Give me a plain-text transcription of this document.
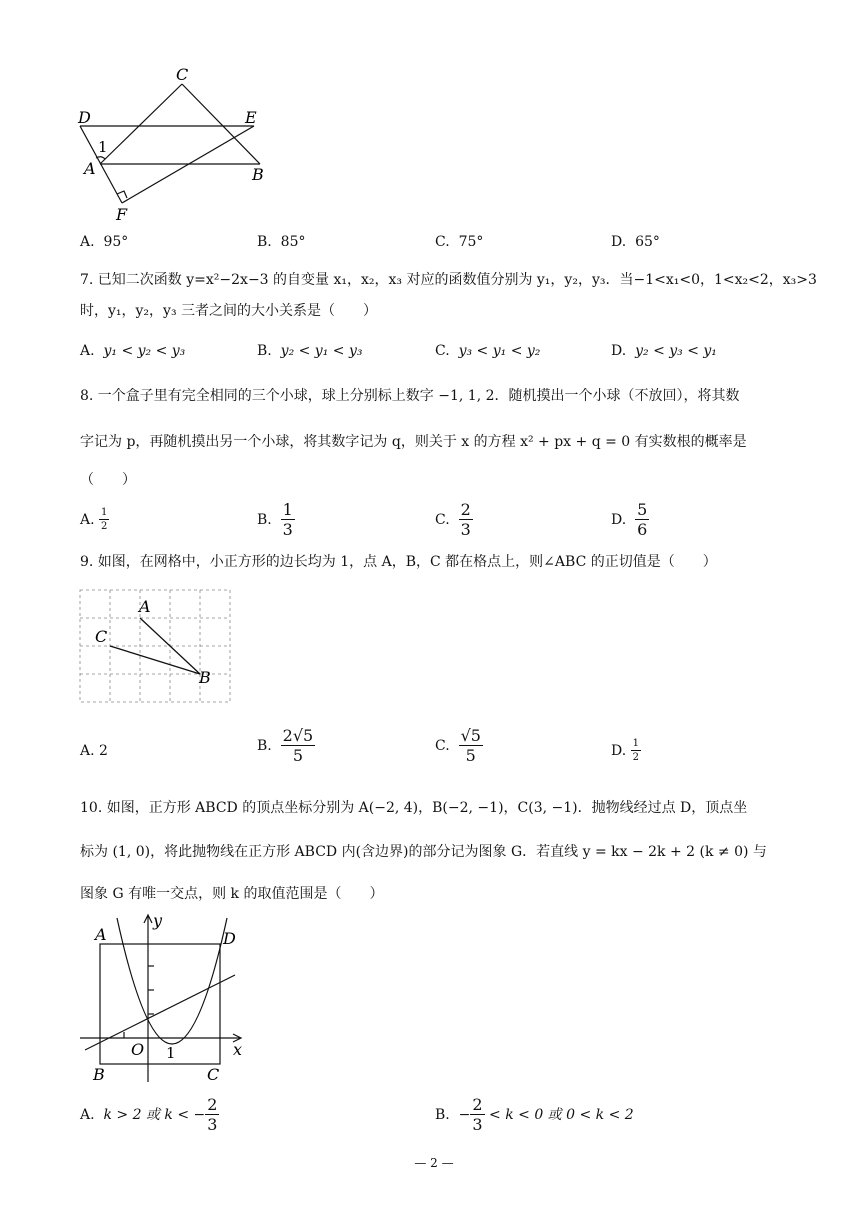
C
D	E
1
A	B
F
A. 95°	B. 85°	C. 75°	D. 65°
7. 已知二次函数 y=x²−2x−3 的自变量 x₁，x₂，x₃ 对应的函数值分别为 y₁，y₂，y₃．当−1<x₁<0，1<x₂<2，x₃>3
时，y₁，y₂，y₃ 三者之间的大小关系是（　　）
A. y₁ < y₂ < y₃	B. y₂ < y₁ < y₃	C. y₃ < y₁ < y₂	D. y₂ < y₃ < y₁
8. 一个盒子里有完全相同的三个小球，球上分别标上数字 −1, 1, 2．随机摸出一个小球（不放回），将其数
字记为 p，再随机摸出另一个小球，将其数字记为 q，则关于 x 的方程 x² + px + q = 0 有实数根的概率是
（　　）
A. $\frac{1}{2}$	B. $\frac{1}{3}$	C. $\frac{2}{3}$	D. $\frac{5}{6}$
9. 如图，在网格中，小正方形的边长均为 1，点 A，B，C 都在格点上，则∠ABC 的正切值是（　　）
A
C
B
A. 2	B. $\frac{2√5}{5}$	C. $\frac{√5}{5}$	D. $\frac{1}{2}$
10. 如图，正方形 ABCD 的顶点坐标分别为 A(−2, 4)，B(−2, −1)，C(3, −1)．抛物线经过点 D，顶点坐
标为 (1, 0)，将此抛物线在正方形 ABCD 内(含边界)的部分记为图象 G．若直线 y = kx − 2k + 2 (k ≠ 0) 与
图象 G 有唯一交点，则 k 的取值范围是（　　）
A	D
y
x
O 1
B	C
A. k > 2 或 k < − $\frac{2}{3}$	B. − $\frac{2}{3} < k < 0$ 或 0 < k < 2
— 2 —
